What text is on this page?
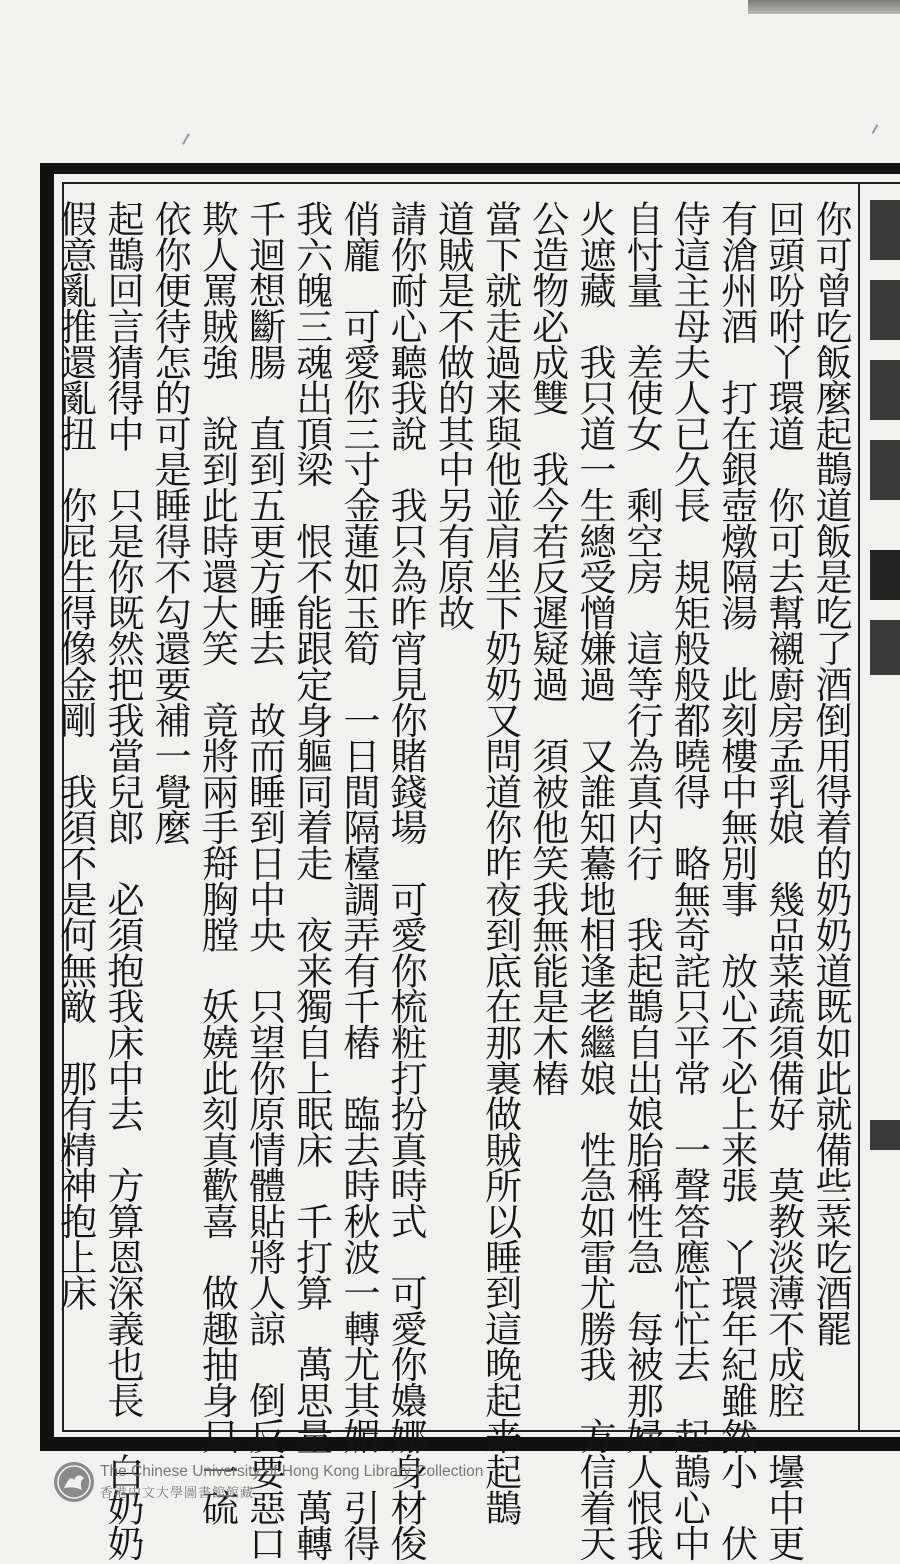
你可曾吃飯麼起鵲道飯是吃了酒倒用得着的奶奶道既如此就備些菜吃酒罷
回頭吩咐丫環道　你可去幫襯廚房孟乳娘　幾品菜蔬須備好　莫教淡薄不成腔　壜中更
有滄州酒　打在銀壺燉隔湯　此刻樓中無別事　放心不必上来張　丫環年紀雖然小　伏
侍這主母夫人已久長　規矩般般都曉得　略無奇詫只平常　一聲答應忙忙去　起鵲心中
自忖量　差使女　剩空房　這等行為真内行　我起鵲自出娘胎稱性急　每被那婦人恨我
火遮藏　我只道一生總受憎嫌過　又誰知驀地相逢老繼娘　性急如雷尤勝我　方信着天
公造物必成雙　我今若反遲疑過　須被他笑我無能是木樁
當下就走過来與他並肩坐下奶奶又問道你昨夜到底在那裏做賊所以睡到這晚起来起鵲
道賊是不做的其中另有原故
請你耐心聽我說　我只為昨宵見你賭錢場　可愛你梳粧打扮真時式　可愛你嬝娜身材俊
俏龐　可愛你三寸金蓮如玉筍　一日間隔檯調弄有千樁　臨去時秋波一轉尤其媚　引得
我六魄三魂出頂梁　恨不能跟定身軀同着走　夜来獨自上眠床　千打算　萬思量　萬轉
千迴想斷腸　直到五更方睡去　故而睡到日中央　只望你原情體貼將人諒　倒反要惡口
欺人罵賊強　說到此時還大笑　竟將兩手搿胸膛　妖嬈此刻真歡喜　做趣抽身只一硫
依你便待怎的可是睡得不勾還要補一覺麼
起鵲回言猜得中　只是你既然把我當兒郎　必須抱我床中去　方算恩深義也長　白奶奶
假意亂推還亂扭　你屁生得像金剛　我須不是何無敵　那有精神抱上床
The Chinese University of Hong Kong Library Collection
香港中文大學圖書館館藏
